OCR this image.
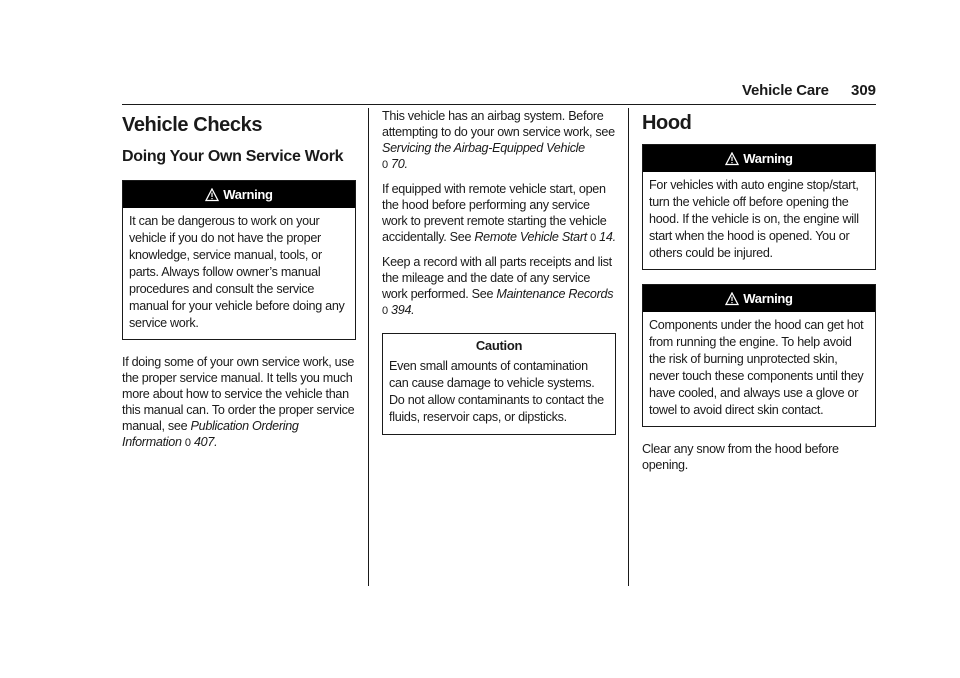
Vehicle Care 309
Vehicle Checks
Doing Your Own Service Work
Warning
It can be dangerous to work on your vehicle if you do not have the proper knowledge, service manual, tools, or parts. Always follow owner’s manual procedures and consult the service manual for your vehicle before doing any service work.

If doing some of your own service work, use the proper service manual. It tells you much more about how to service the vehicle than this manual can. To order the proper service manual, see Publication Ordering Information 0 407.

This vehicle has an airbag system. Before attempting to do your own service work, see Servicing the Airbag-Equipped Vehicle
0 70.

If equipped with remote vehicle start, open the hood before performing any service work to prevent remote starting the vehicle accidentally. See Remote Vehicle Start 0 14.

Keep a record with all parts receipts and list the mileage and the date of any service work performed. See Maintenance Records
0 394.

Caution
Even small amounts of contamination can cause damage to vehicle systems. Do not allow contaminants to contact the fluids, reservoir caps, or dipsticks.
Hood
Warning
For vehicles with auto engine stop/start, turn the vehicle off before opening the hood. If the vehicle is on, the engine will start when the hood is opened. You or others could be injured.
Warning
Components under the hood can get hot from running the engine. To help avoid the risk of burning unprotected skin, never touch these components until they have cooled, and always use a glove or towel to avoid direct skin contact.

Clear any snow from the hood before opening.
